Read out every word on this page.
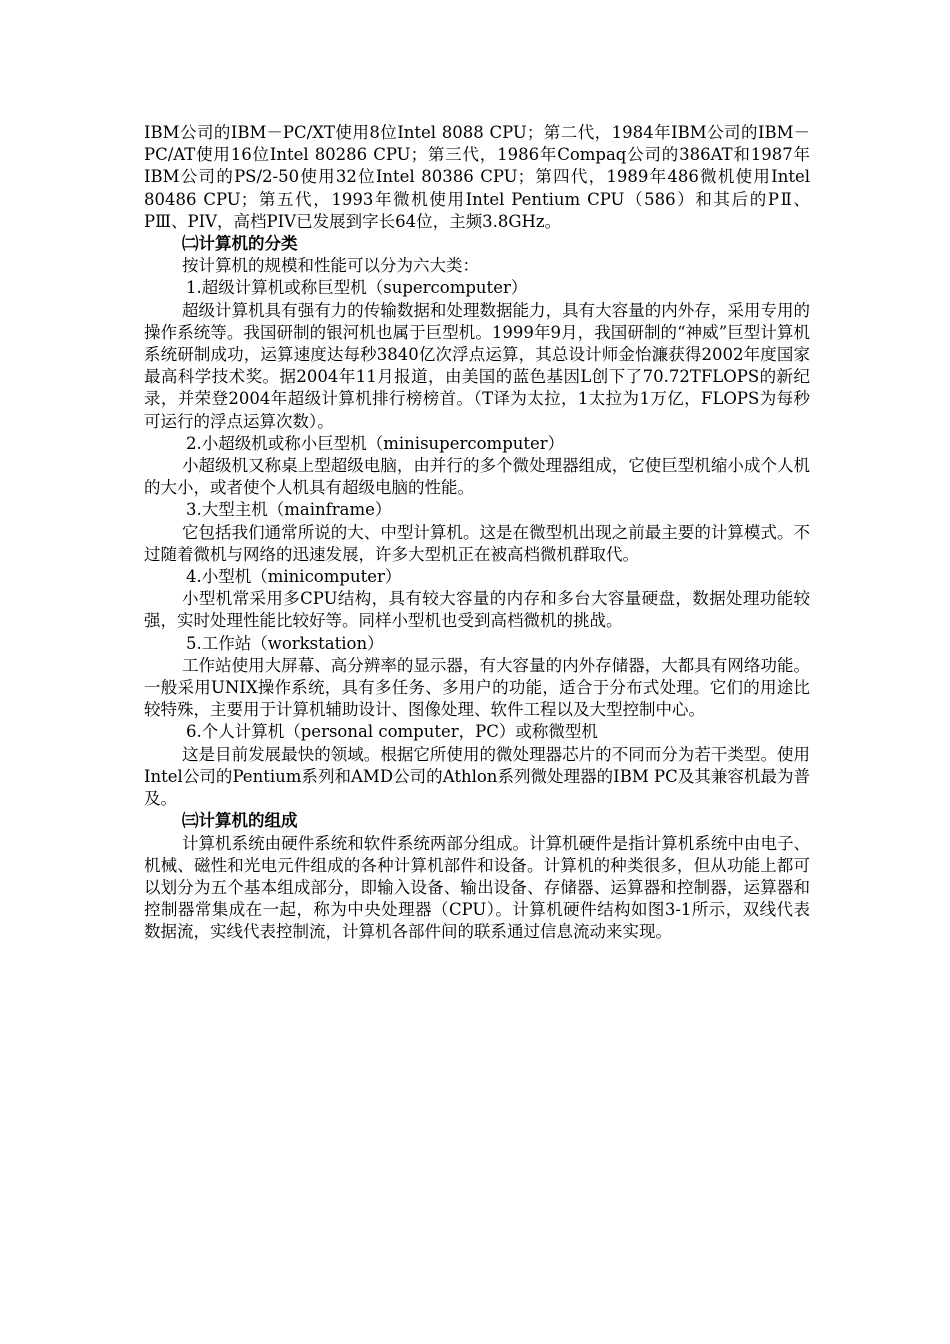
IBM公司的IBM－PC/XT使用8位Intel 8088 CPU；第二代，1984年IBM公司的IBM－PC/AT使用16位Intel 80286 CPU；第三代，1986年Compaq公司的386AT和1987年IBM公司的PS/2-50使用32位Intel 80386 CPU；第四代，1989年486微机使用Intel 80486 CPU；第五代，1993年微机使用Intel Pentium CPU（586）和其后的PⅡ、PⅢ、PIV，高档PIV已发展到字长64位，主频3.8GHz。

㈡计算机的分类

按计算机的规模和性能可以分为六大类：

1.超级计算机或称巨型机（supercomputer）

超级计算机具有强有力的传输数据和处理数据能力，具有大容量的内外存，采用专用的操作系统等。我国研制的银河机也属于巨型机。1999年9月，我国研制的“神威”巨型计算机系统研制成功，运算速度达每秒3840亿次浮点运算，其总设计师金怡濂获得2002年度国家最高科学技术奖。据2004年11月报道，由美国的蓝色基因L创下了70.72TFLOPS的新纪录，并荣登2004年超级计算机排行榜榜首。（T译为太拉，1太拉为1万亿，FLOPS为每秒可运行的浮点运算次数）。

2.小超级机或称小巨型机（minisupercomputer）

小超级机又称桌上型超级电脑，由并行的多个微处理器组成，它使巨型机缩小成个人机的大小，或者使个人机具有超级电脑的性能。

3.大型主机（mainframe）

它包括我们通常所说的大、中型计算机。这是在微型机出现之前最主要的计算模式。不过随着微机与网络的迅速发展，许多大型机正在被高档微机群取代。

4.小型机（minicomputer）

小型机常采用多CPU结构，具有较大容量的内存和多台大容量硬盘，数据处理功能较强，实时处理性能比较好等。同样小型机也受到高档微机的挑战。

5.工作站（workstation）

工作站使用大屏幕、高分辨率的显示器，有大容量的内外存储器，大都具有网络功能。一般采用UNIX操作系统，具有多任务、多用户的功能，适合于分布式处理。它们的用途比较特殊，主要用于计算机辅助设计、图像处理、软件工程以及大型控制中心。

6.个人计算机（personal computer，PC）或称微型机

这是目前发展最快的领域。根据它所使用的微处理器芯片的不同而分为若干类型。使用Intel公司的Pentium系列和AMD公司的Athlon系列微处理器的IBM PC及其兼容机最为普及。

㈢计算机的组成

计算机系统由硬件系统和软件系统两部分组成。计算机硬件是指计算机系统中由电子、机械、磁性和光电元件组成的各种计算机部件和设备。计算机的种类很多，但从功能上都可以划分为五个基本组成部分，即输入设备、输出设备、存储器、运算器和控制器，运算器和控制器常集成在一起，称为中央处理器（CPU）。计算机硬件结构如图3-1所示，双线代表数据流，实线代表控制流，计算机各部件间的联系通过信息流动来实现。
